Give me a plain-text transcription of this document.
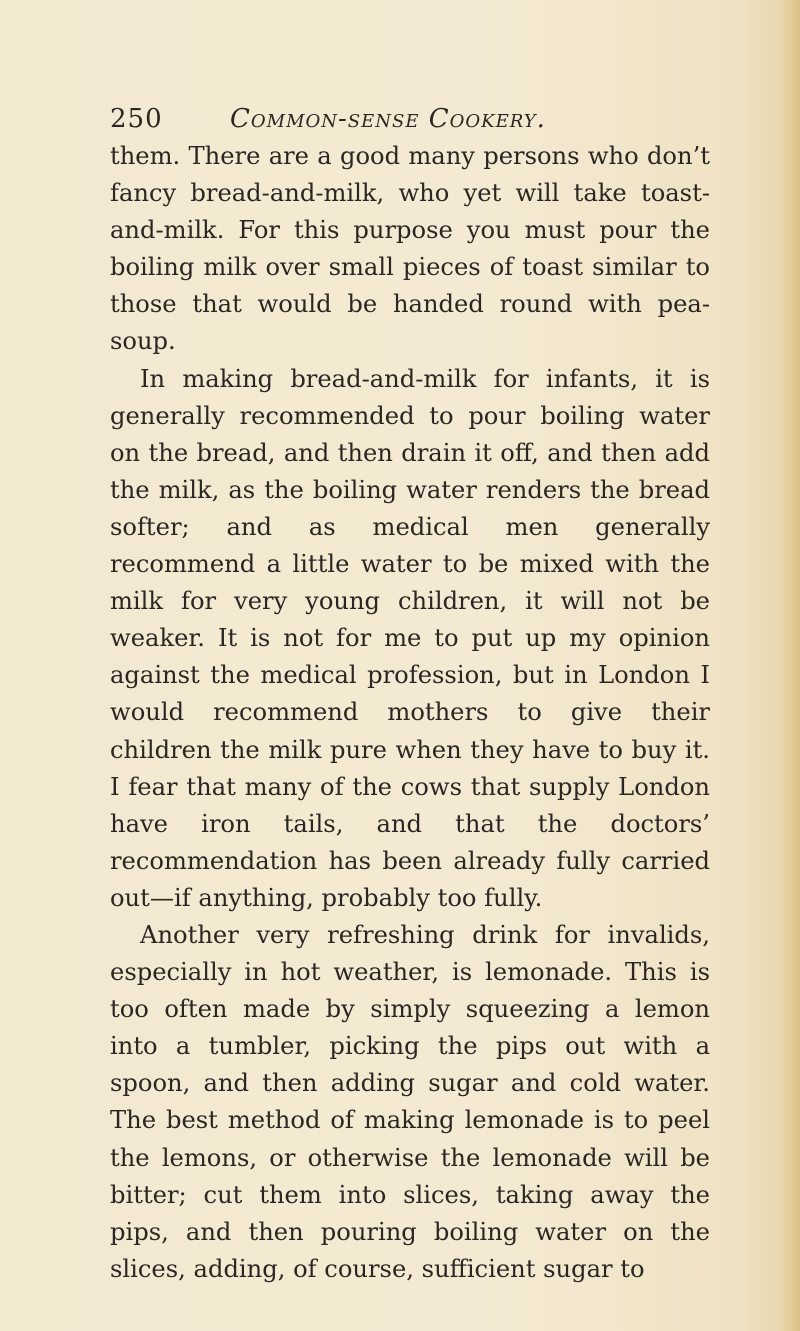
250	Common-sense Cookery.

them. There are a good many persons who don’t fancy bread-and-milk, who yet will take toast-and-milk. For this purpose you must pour the boiling milk over small pieces of toast similar to those that would be handed round with pea-soup.

In making bread-and-milk for infants, it is generally recommended to pour boiling water on the bread, and then drain it off, and then add the milk, as the boiling water renders the bread softer; and as medical men generally recommend a little water to be mixed with the milk for very young children, it will not be weaker. It is not for me to put up my opinion against the medical profession, but in London I would recommend mothers to give their children the milk pure when they have to buy it. I fear that many of the cows that supply London have iron tails, and that the doctors’ recommendation has been already fully carried out—if anything, probably too fully.

Another very refreshing drink for invalids, especially in hot weather, is lemonade. This is too often made by simply squeezing a lemon into a tumbler, picking the pips out with a spoon, and then adding sugar and cold water. The best method of making lemonade is to peel the lemons, or otherwise the lemonade will be bitter; cut them into slices, taking away the pips, and then pouring boiling water on the slices, adding, of course, sufficient sugar to
